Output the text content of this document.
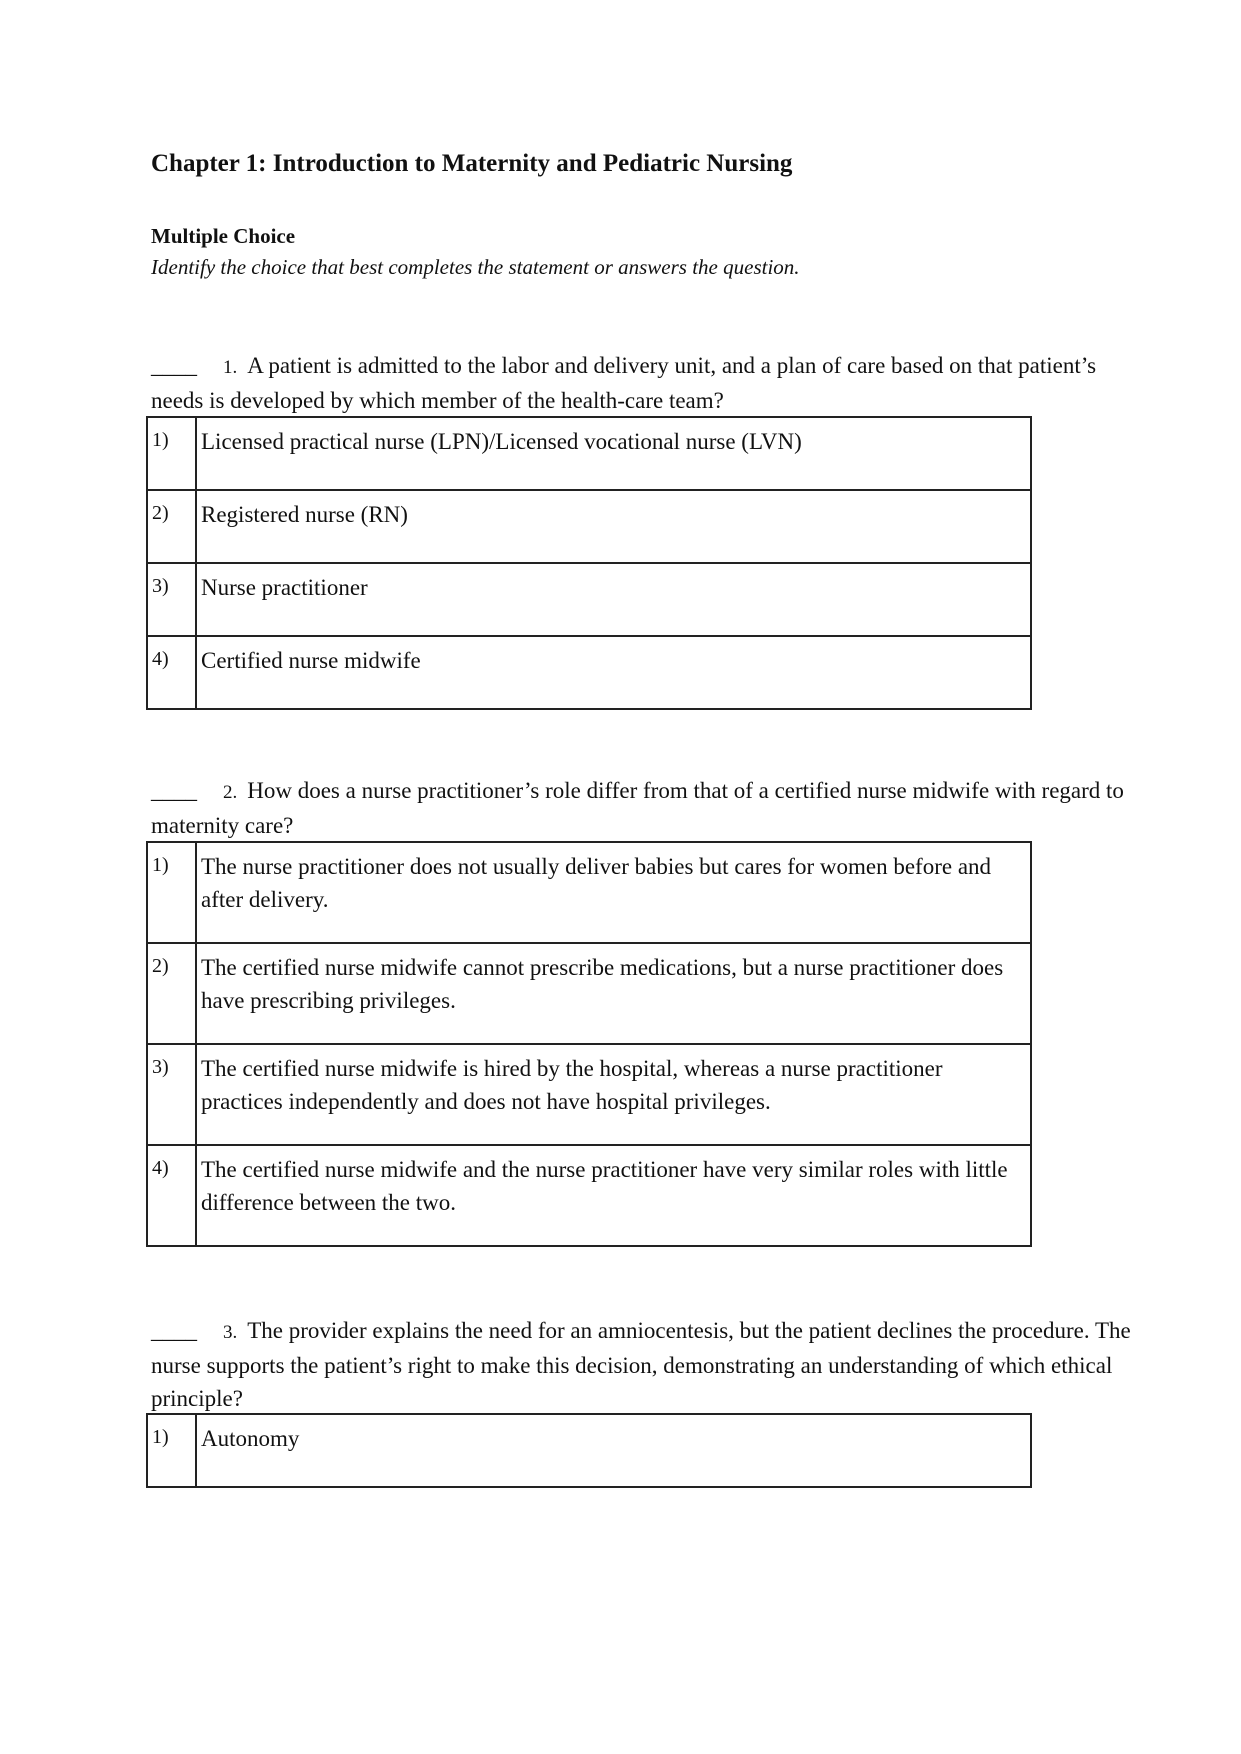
Chapter 1: Introduction to Maternity and Pediatric Nursing
Multiple Choice
Identify the choice that best completes the statement or answers the question.

____ 1. A patient is admitted to the labor and delivery unit, and a plan of care based on that patient’s needs is developed by which member of the health-care team?

1)	Licensed practical nurse (LPN)/Licensed vocational nurse (LVN)
2)	Registered nurse (RN)
3)	Nurse practitioner
4)	Certified nurse midwife

____ 2. How does a nurse practitioner’s role differ from that of a certified nurse midwife with regard to maternity care?

1)	The nurse practitioner does not usually deliver babies but cares for women before and after delivery.
2)	The certified nurse midwife cannot prescribe medications, but a nurse practitioner does have prescribing privileges.
3)	The certified nurse midwife is hired by the hospital, whereas a nurse practitioner practices independently and does not have hospital privileges.
4)	The certified nurse midwife and the nurse practitioner have very similar roles with little difference between the two.

____ 3. The provider explains the need for an amniocentesis, but the patient declines the procedure. The nurse supports the patient’s right to make this decision, demonstrating an understanding of which ethical principle?

1)	Autonomy
